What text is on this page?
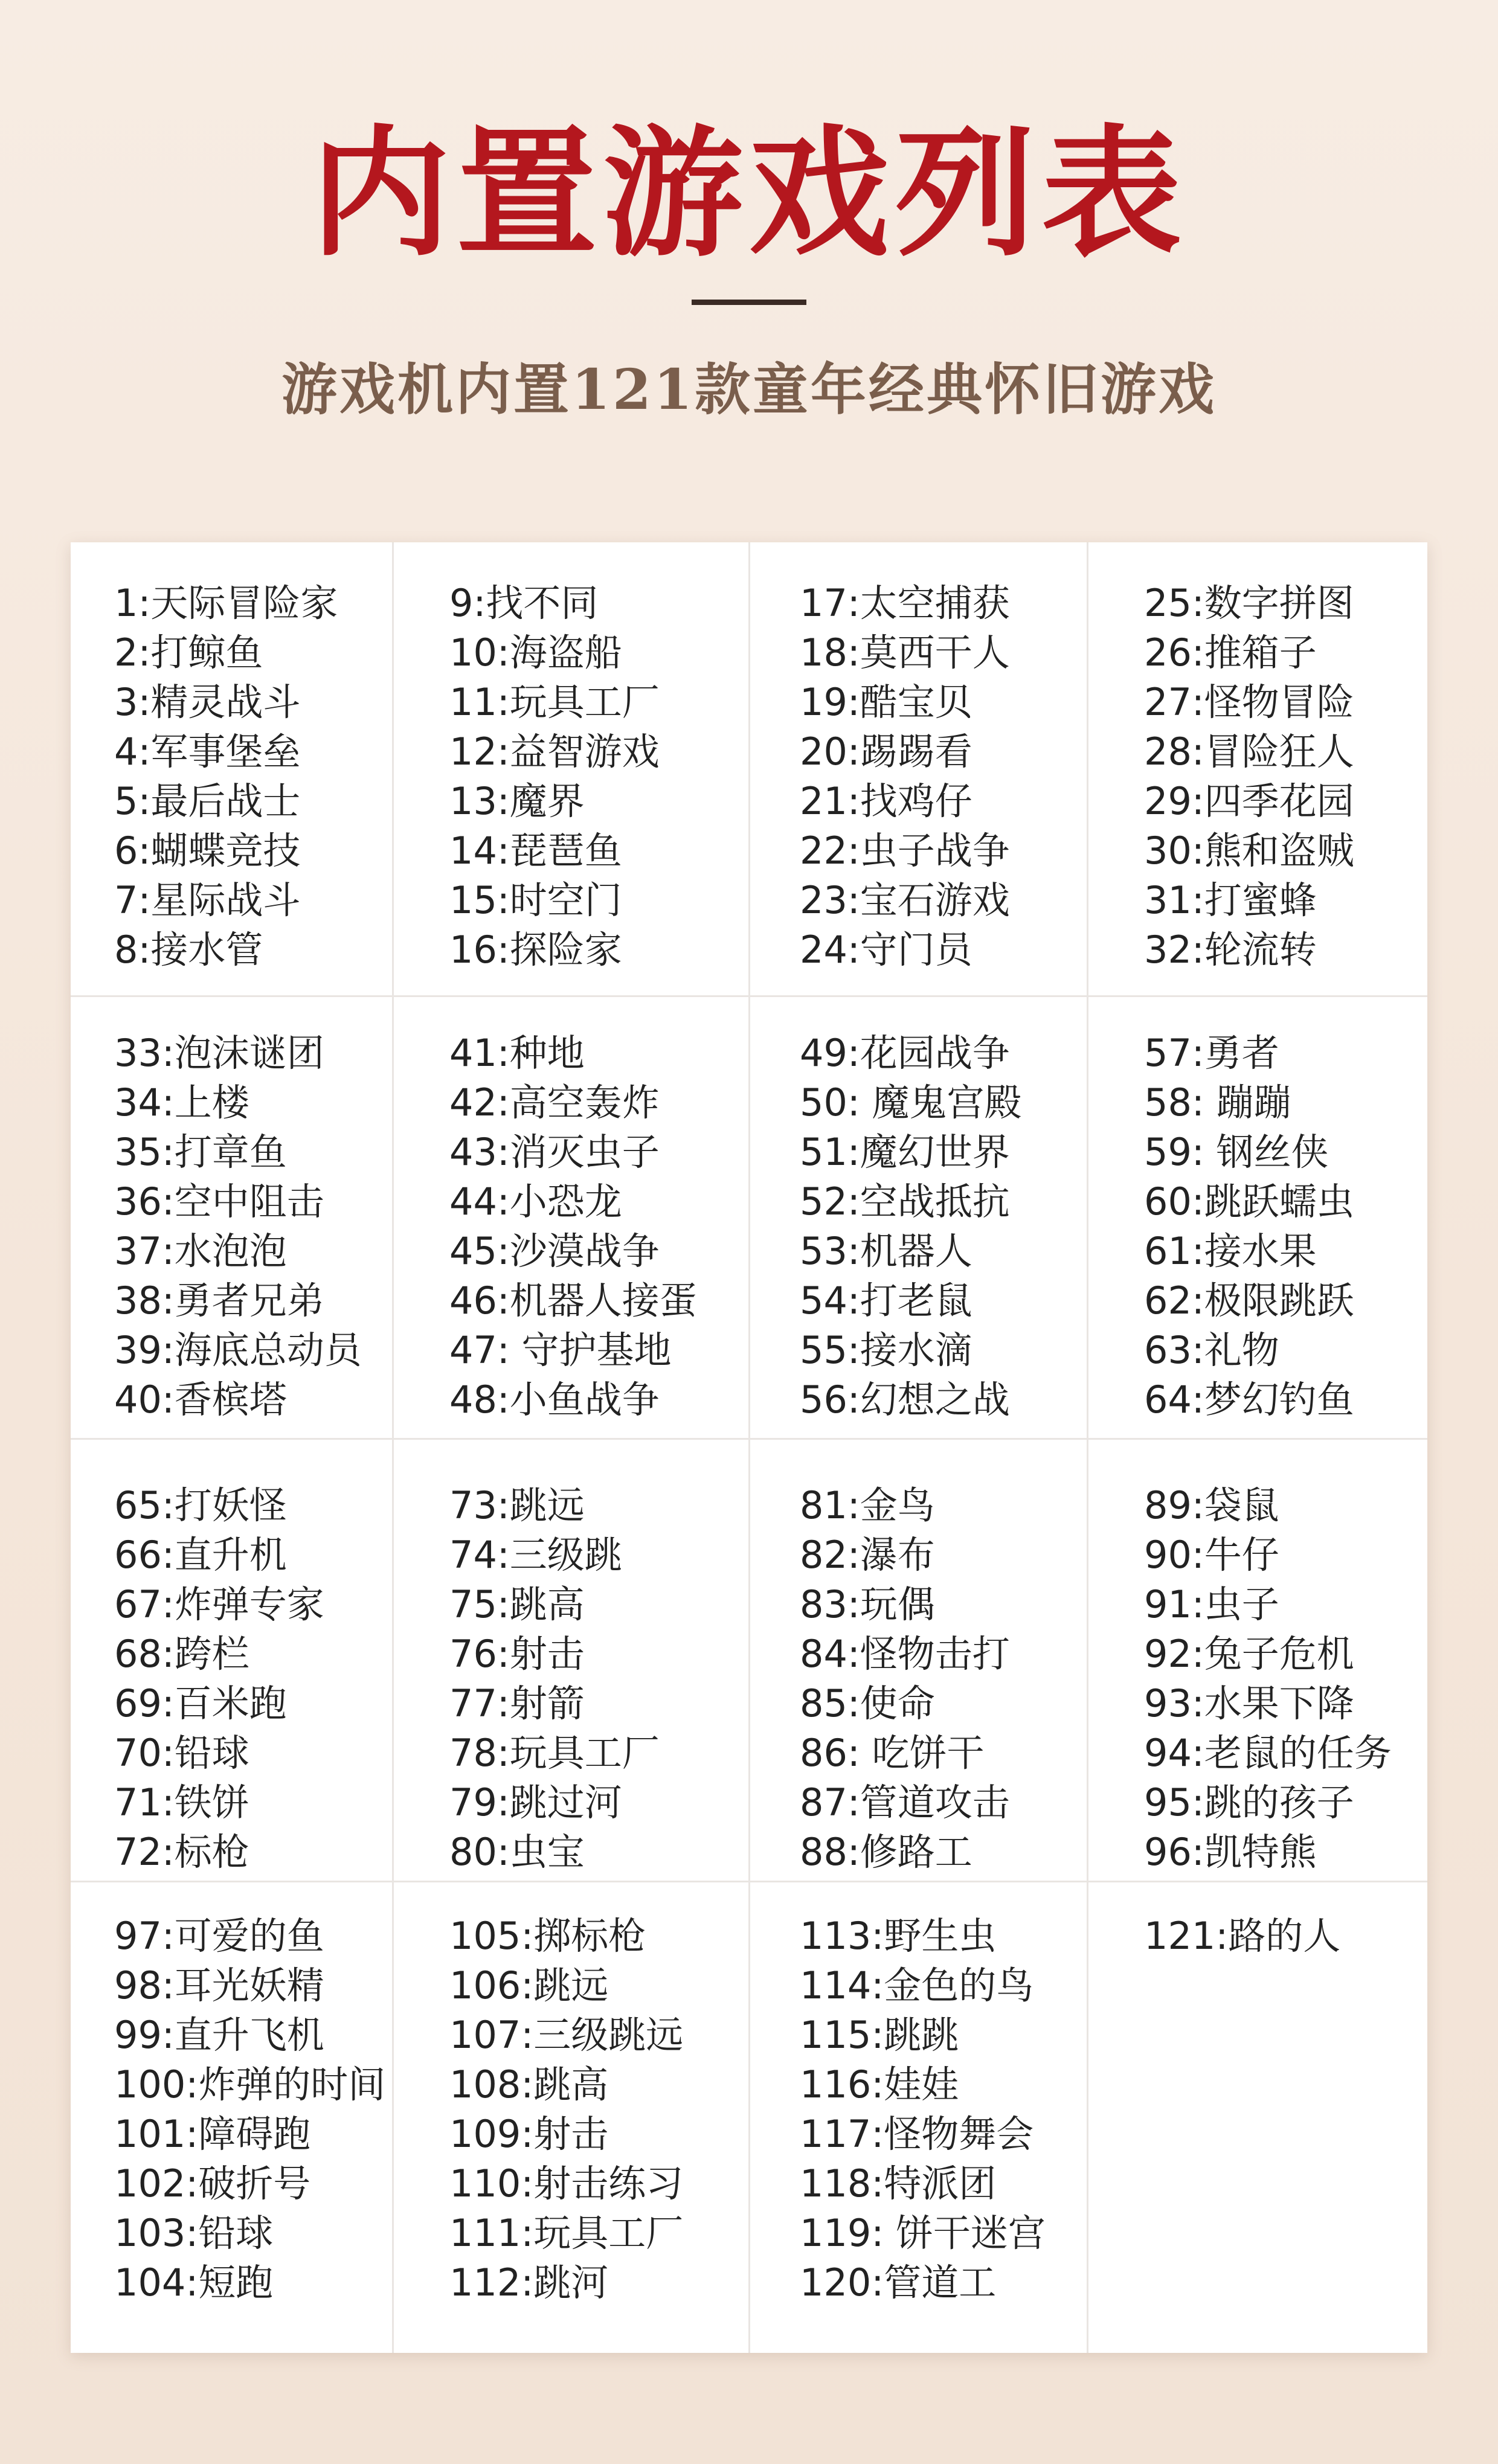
内置游戏列表
游戏机内置121款童年经典怀旧游戏
1:天际冒险家
2:打鲸鱼
3:精灵战斗
4:军事堡垒
5:最后战士
6:蝴蝶竞技
7:星际战斗
8:接水管
9:找不同
10:海盗船
11:玩具工厂
12:益智游戏
13:魔界
14:琵琶鱼
15:时空门
16:探险家
17:太空捕获
18:莫西干人
19:酷宝贝
20:踢踢看
21:找鸡仔
22:虫子战争
23:宝石游戏
24:守门员
25:数字拼图
26:推箱子
27:怪物冒险
28:冒险狂人
29:四季花园
30:熊和盗贼
31:打蜜蜂
32:轮流转
33:泡沫谜团
34:上楼
35:打章鱼
36:空中阻击
37:水泡泡
38:勇者兄弟
39:海底总动员
40:香槟塔
41:种地
42:高空轰炸
43:消灭虫子
44:小恐龙
45:沙漠战争
46:机器人接蛋
47: 守护基地
48:小鱼战争
49:花园战争
50: 魔鬼宫殿
51:魔幻世界
52:空战抵抗
53:机器人
54:打老鼠
55:接水滴
56:幻想之战
57:勇者
58: 蹦蹦
59: 钢丝侠
60:跳跃蠕虫
61:接水果
62:极限跳跃
63:礼物
64:梦幻钓鱼
65:打妖怪
66:直升机
67:炸弹专家
68:跨栏
69:百米跑
70:铅球
71:铁饼
72:标枪
73:跳远
74:三级跳
75:跳高
76:射击
77:射箭
78:玩具工厂
79:跳过河
80:虫宝
81:金鸟
82:瀑布
83:玩偶
84:怪物击打
85:使命
86: 吃饼干
87:管道攻击
88:修路工
89:袋鼠
90:牛仔
91:虫子
92:兔子危机
93:水果下降
94:老鼠的任务
95:跳的孩子
96:凯特熊
97:可爱的鱼
98:耳光妖精
99:直升飞机
100:炸弹的时间
101:障碍跑
102:破折号
103:铅球
104:短跑
105:掷标枪
106:跳远
107:三级跳远
108:跳高
109:射击
110:射击练习
111:玩具工厂
112:跳河
113:野生虫
114:金色的鸟
115:跳跳
116:娃娃
117:怪物舞会
118:特派团
119: 饼干迷宫
120:管道工
121:路的人
